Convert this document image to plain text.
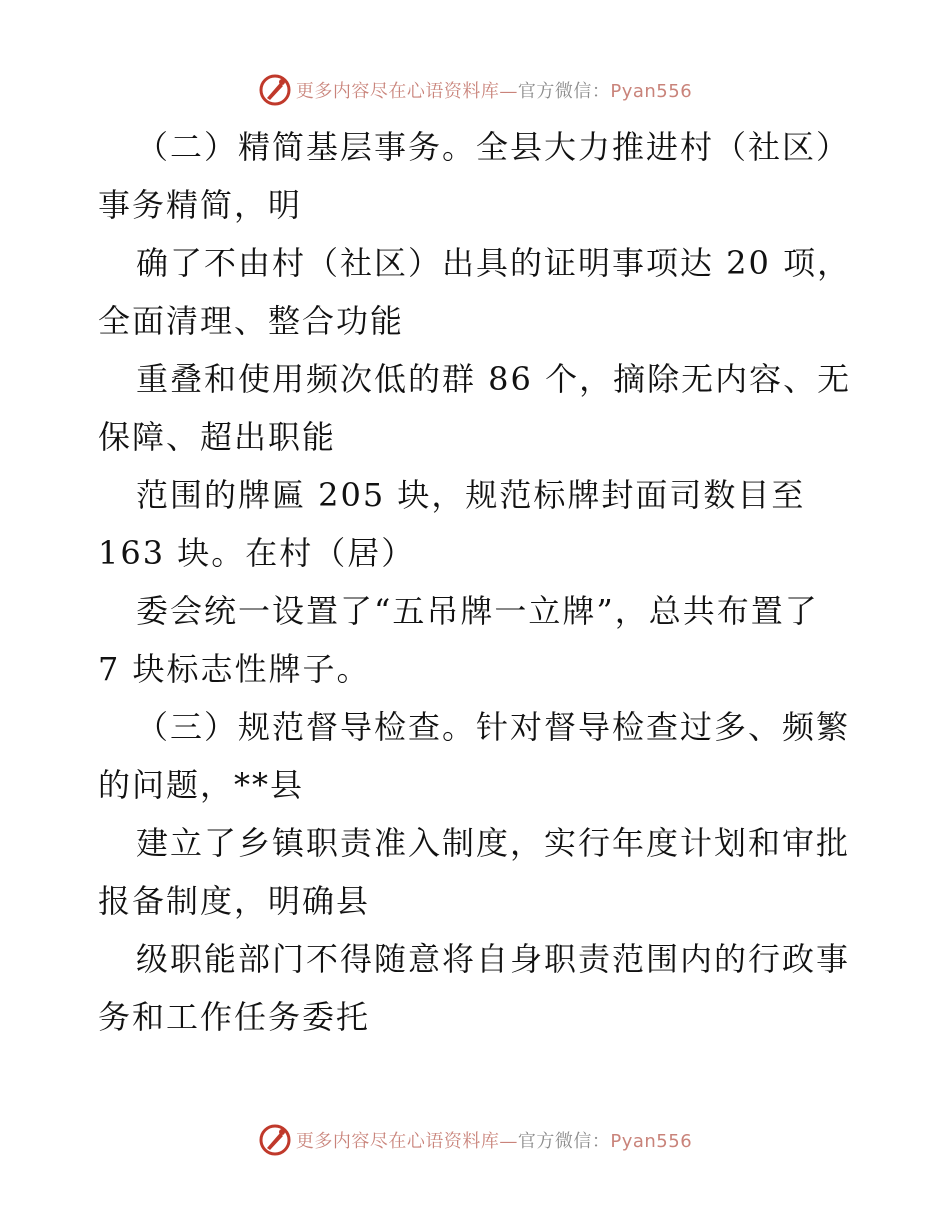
更多内容尽在心语资料库—官方微信：Pyan556
（二）精简基层事务。全县大力推进村（社区）
事务精简，明
确了不由村（社区）出具的证明事项达 20 项，
全面清理、整合功能
重叠和使用频次低的群 86 个，摘除无内容、无
保障、超出职能
范围的牌匾 205 块，规范标牌封面司数目至
163 块。在村（居）
委会统一设置了“五吊牌一立牌”，总共布置了
7 块标志性牌子。
（三）规范督导检查。针对督导检查过多、频繁
的问题，**县
建立了乡镇职责准入制度，实行年度计划和审批
报备制度，明确县
级职能部门不得随意将自身职责范围内的行政事
务和工作任务委托
更多内容尽在心语资料库—官方微信：Pyan556
